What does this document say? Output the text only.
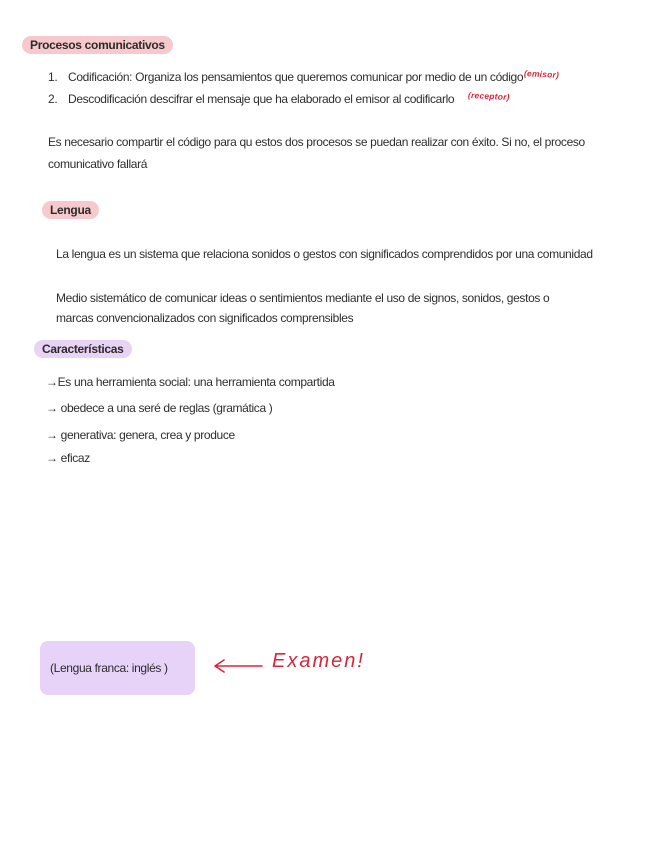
Procesos comunicativos
1. Codificación: Organiza los pensamientos que queremos comunicar por medio de un código (emisor)
2. Descodificación descifrar el mensaje que ha elaborado el emisor al codificarlo (receptor)
Es necesario compartir el código para qu estos dos procesos se puedan realizar con éxito. Si no, el proceso
comunicativo fallará
Lengua
La lengua es un sistema que relaciona sonidos o gestos con significados comprendidos por una comunidad
Medio sistemático de comunicar ideas o sentimientos mediante el uso de signos, sonidos, gestos o
marcas convencionalizados con significados comprensibles
Características
→Es una herramienta social: una herramienta compartida
→ obedece a una seré de reglas (gramática )
→ generativa: genera, crea y produce
→ eficaz
(Lengua franca: inglés )	Examen!
